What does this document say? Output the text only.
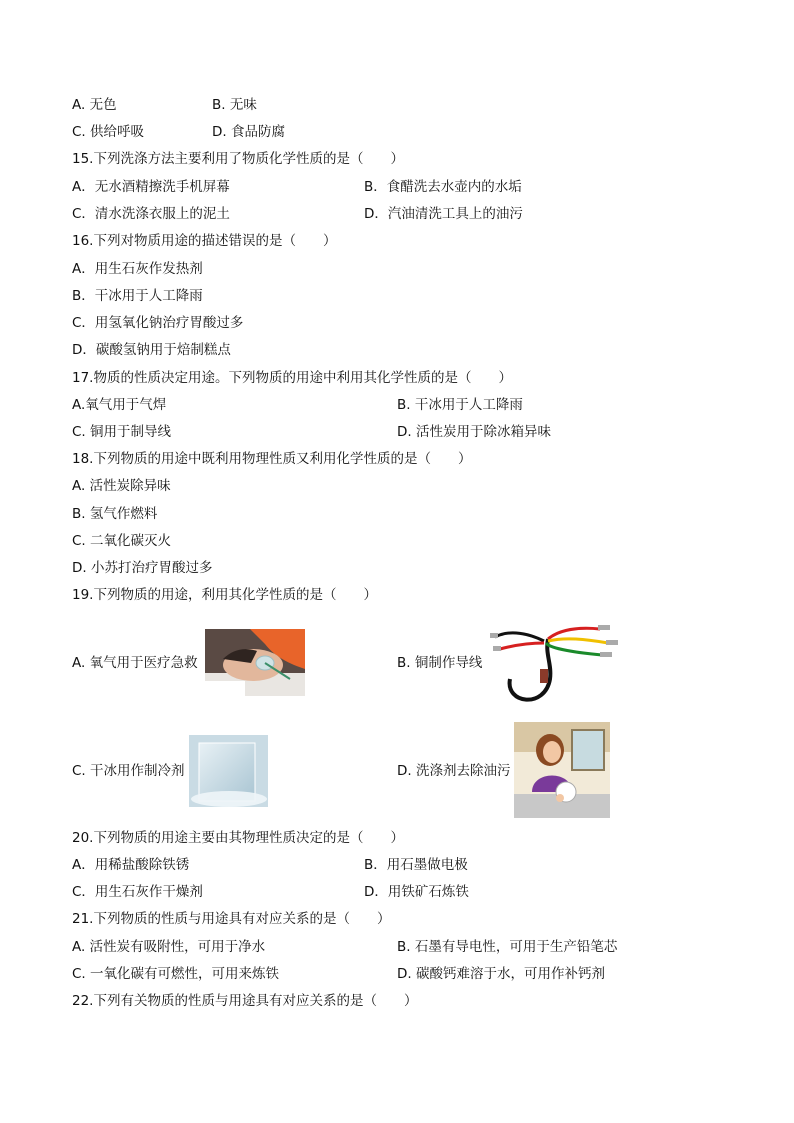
A. 无色	B. 无味
C. 供给呼吸	D. 食品防腐
15.下列洗涤方法主要利用了物质化学性质的是（　　）
A．无水酒精擦洗手机屏幕	B．食醋洗去水壶内的水垢
C．清水洗涤衣服上的泥土	D．汽油清洗工具上的油污
16.下列对物质用途的描述错误的是（　　）
A．用生石灰作发热剂
B．干冰用于人工降雨
C．用氢氧化钠治疗胃酸过多
D．碳酸氢钠用于焙制糕点
17.物质的性质决定用途。下列物质的用途中利用其化学性质的是（　　）
A.氧气用于气焊	B. 干冰用于人工降雨
C. 铜用于制导线	D. 活性炭用于除冰箱异味
18.下列物质的用途中既利用物理性质又利用化学性质的是（　　）
A. 活性炭除异味
B. 氢气作燃料
C. 二氧化碳灭火
D. 小苏打治疗胃酸过多
19.下列物质的用途，利用其化学性质的是（　　）
A. 氧气用于医疗急救	B. 铜制作导线
C. 干冰用作制冷剂	D. 洗涤剂去除油污
20.下列物质的用途主要由其物理性质决定的是（　　）
A．用稀盐酸除铁锈	B．用石墨做电极
C．用生石灰作干燥剂	D．用铁矿石炼铁
21.下列物质的性质与用途具有对应关系的是（　　）
A. 活性炭有吸附性，可用于净水	B. 石墨有导电性，可用于生产铅笔芯
C. 一氧化碳有可燃性，可用来炼铁	D. 碳酸钙难溶于水，可用作补钙剂
22.下列有关物质的性质与用途具有对应关系的是（　　）
